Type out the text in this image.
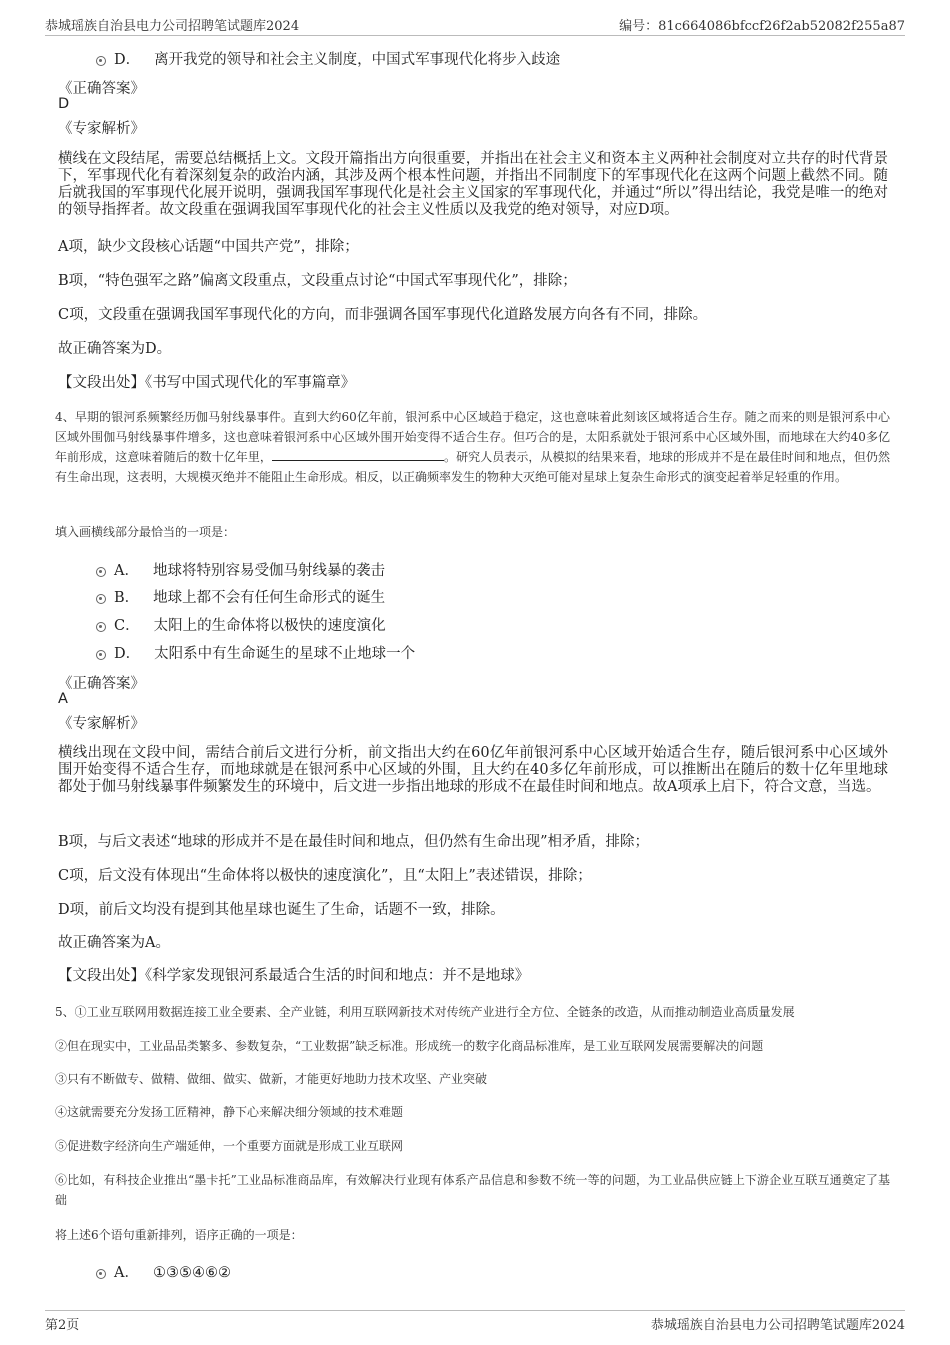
恭城瑶族自治县电力公司招聘笔试题库2024	编号：81c664086bfccf26f2ab52082f255a87
D． 离开我党的领导和社会主义制度，中国式军事现代化将步入歧途
《正确答案》
D
《专家解析》
横线在文段结尾，需要总结概括上文。文段开篇指出方向很重要，并指出在社会主义和资本主义两种社会制度对立共存的时代背景下，军事现代化有着深刻复杂的政治内涵，其涉及两个根本性问题，并指出不同制度下的军事现代化在这两个问题上截然不同。随后就我国的军事现代化展开说明，强调我国军事现代化是社会主义国家的军事现代化，并通过“所以”得出结论，我党是唯一的绝对的领导指挥者。故文段重在强调我国军事现代化的社会主义性质以及我党的绝对领导，对应D项。
A项，缺少文段核心话题“中国共产党”，排除；
B项，“特色强军之路”偏离文段重点，文段重点讨论“中国式军事现代化”，排除；
C项，文段重在强调我国军事现代化的方向，而非强调各国军事现代化道路发展方向各有不同，排除。
故正确答案为D。
【文段出处】《书写中国式现代化的军事篇章》
4、早期的银河系频繁经历伽马射线暴事件。直到大约60亿年前，银河系中心区域趋于稳定，这也意味着此刻该区域将适合生存。随之而来的则是银河系中心区域外围伽马射线暴事件增多，这也意味着银河系中心区域外围开始变得不适合生存。但巧合的是，太阳系就处于银河系中心区域外围，而地球在大约40多亿年前形成，这意味着随后的数十亿年里，	。研究人员表示，从模拟的结果来看，地球的形成并不是在最佳时间和地点，但仍然有生命出现，这表明，大规模灭绝并不能阻止生命形成。相反，以正确频率发生的物种大灭绝可能对星球上复杂生命形式的演变起着举足轻重的作用。
填入画横线部分最恰当的一项是：
A． 地球将特别容易受伽马射线暴的袭击
B． 地球上都不会有任何生命形式的诞生
C． 太阳上的生命体将以极快的速度演化
D． 太阳系中有生命诞生的星球不止地球一个
《正确答案》
A
《专家解析》
横线出现在文段中间，需结合前后文进行分析，前文指出大约在60亿年前银河系中心区域开始适合生存，随后银河系中心区域外围开始变得不适合生存，而地球就是在银河系中心区域的外围，且大约在40多亿年前形成，可以推断出在随后的数十亿年里地球都处于伽马射线暴事件频繁发生的环境中，后文进一步指出地球的形成不在最佳时间和地点。故A项承上启下，符合文意，当选。
B项，与后文表述“地球的形成并不是在最佳时间和地点，但仍然有生命出现”相矛盾，排除；
C项，后文没有体现出“生命体将以极快的速度演化”，且“太阳上”表述错误，排除；
D项，前后文均没有提到其他星球也诞生了生命，话题不一致，排除。
故正确答案为A。
【文段出处】《科学家发现银河系最适合生活的时间和地点：并不是地球》
5、①工业互联网用数据连接工业全要素、全产业链，利用互联网新技术对传统产业进行全方位、全链条的改造，从而推动制造业高质量发展
②但在现实中，工业品品类繁多、参数复杂，“工业数据”缺乏标准。形成统一的数字化商品标准库，是工业互联网发展需要解决的问题
③只有不断做专、做精、做细、做实、做新，才能更好地助力技术攻坚、产业突破
④这就需要充分发扬工匠精神，静下心来解决细分领域的技术难题
⑤促进数字经济向生产端延伸，一个重要方面就是形成工业互联网
⑥比如，有科技企业推出“墨卡托”工业品标准商品库，有效解决行业现有体系产品信息和参数不统一等的问题，为工业品供应链上下游企业互联互通奠定了基础
将上述6个语句重新排列，语序正确的一项是：
A． ①③⑤④⑥②
第2页	恭城瑶族自治县电力公司招聘笔试题库2024
